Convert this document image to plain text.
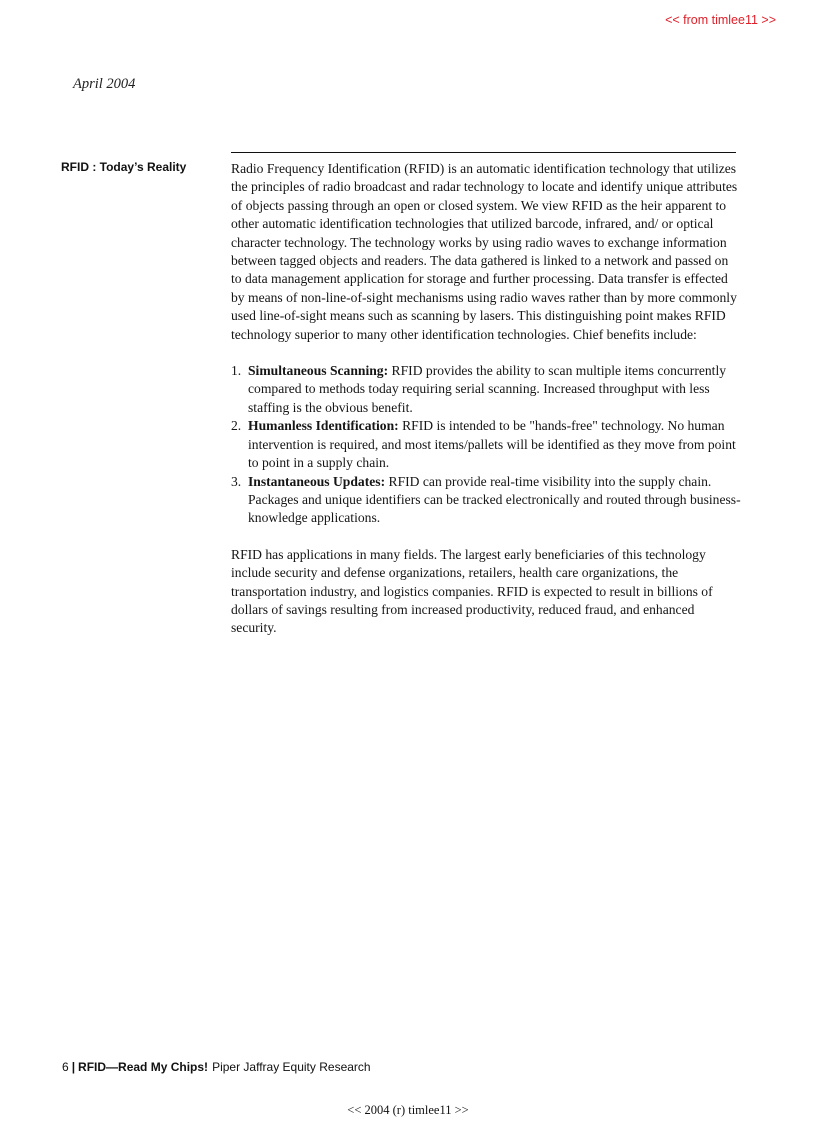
<< from timlee11 >>
April 2004
RFID : Today’s Reality	Radio Frequency Identification (RFID) is an automatic identification technology that utilizes the principles of radio broadcast and radar technology to locate and identify unique attributes of objects passing through an open or closed system. We view RFID as the heir apparent to other automatic identification technologies that utilized barcode, infrared, and/ or optical character technology. The technology works by using radio waves to exchange information between tagged objects and readers. The data gathered is linked to a network and passed on to data management application for storage and further processing. Data transfer is effected by means of non-line-of-sight mechanisms using radio waves rather than by more commonly used line-of-sight means such as scanning by lasers. This distinguishing point makes RFID technology superior to many other identification technologies. Chief benefits include:

1. Simultaneous Scanning: RFID provides the ability to scan multiple items concurrently compared to methods today requiring serial scanning. Increased throughput with less staffing is the obvious benefit.
2. Humanless Identification: RFID is intended to be "hands-free" technology. No human intervention is required, and most items/pallets will be identified as they move from point to point in a supply chain.
3. Instantaneous Updates: RFID can provide real-time visibility into the supply chain. Packages and unique identifiers can be tracked electronically and routed through business-knowledge applications.

RFID has applications in many fields. The largest early beneficiaries of this technology include security and defense organizations, retailers, health care organizations, the transportation industry, and logistics companies. RFID is expected to result in billions of dollars of savings resulting from increased productivity, reduced fraud, and enhanced security.

6 | RFID—Read My Chips! Piper Jaffray Equity Research
<< 2004 (r) timlee11 >>
